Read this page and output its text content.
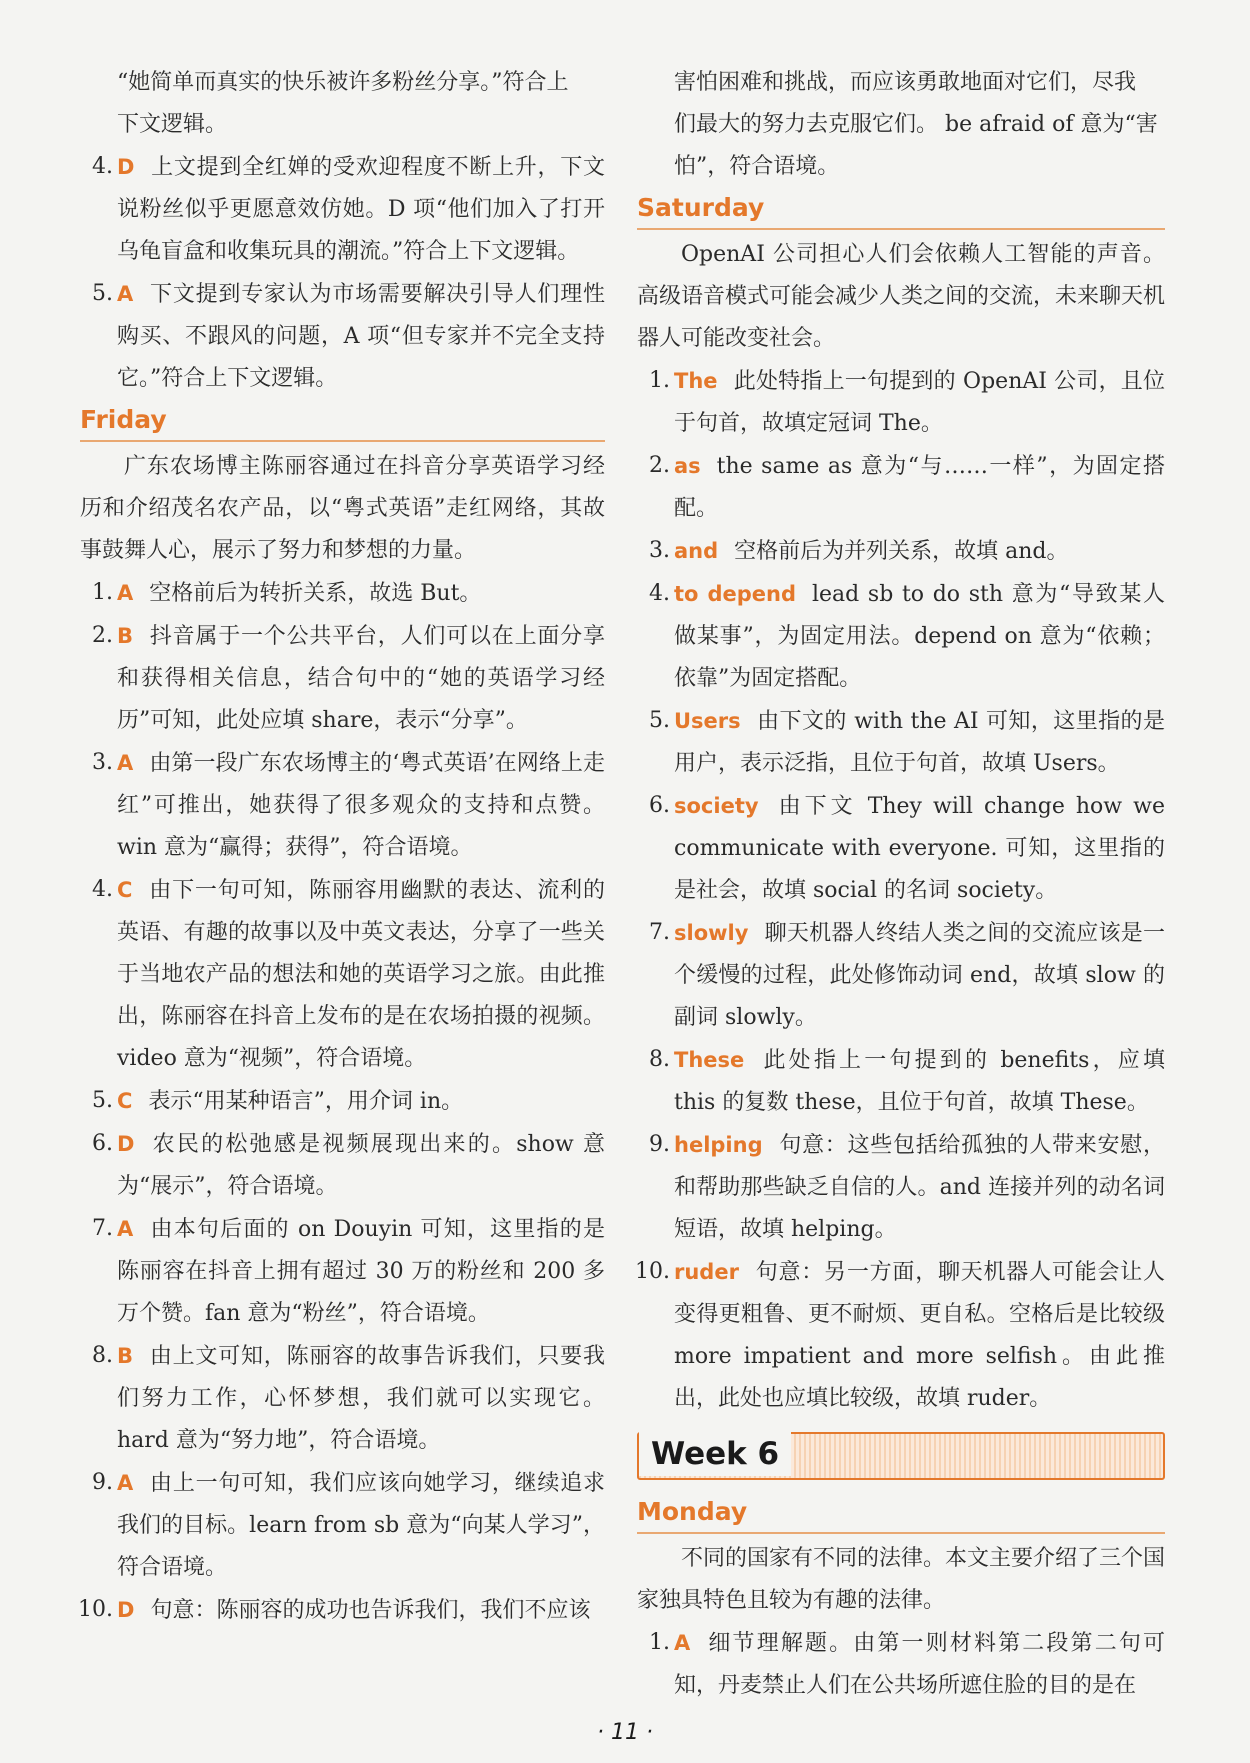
“她简单而真实的快乐被许多粉丝分享。”符合上

下文逻辑。

4. D 上文提到全红婵的受欢迎程度不断上升，下文说粉丝似乎更愿意效仿她。D 项“他们加入了打开乌龟盲盒和收集玩具的潮流。”符合上下文逻辑。
5. A 下文提到专家认为市场需要解决引导人们理性购买、不跟风的问题，A 项“但专家并不完全支持它。”符合上下文逻辑。
Friday

广东农场博主陈丽容通过在抖音分享英语学习经历和介绍茂名农产品，以“粤式英语”走红网络，其故事鼓舞人心，展示了努力和梦想的力量。

1. A 空格前后为转折关系，故选 But。
2. B 抖音属于一个公共平台，人们可以在上面分享和获得相关信息，结合句中的“她的英语学习经历”可知，此处应填 share，表示“分享”。
3. A 由第一段广东农场博主的‘粤式英语’在网络上走红”可推出，她获得了很多观众的支持和点赞。win 意为“赢得；获得”，符合语境。
4. C 由下一句可知，陈丽容用幽默的表达、流利的英语、有趣的故事以及中英文表达，分享了一些关于当地农产品的想法和她的英语学习之旅。由此推出，陈丽容在抖音上发布的是在农场拍摄的视频。video 意为“视频”，符合语境。
5. C 表示“用某种语言”，用介词 in。
6. D 农民的松弛感是视频展现出来的。show 意为“展示”，符合语境。
7. A 由本句后面的 on Douyin 可知，这里指的是陈丽容在抖音上拥有超过 30 万的粉丝和 200 多万个赞。fan 意为“粉丝”，符合语境。
8. B 由上文可知，陈丽容的故事告诉我们，只要我们努力工作，心怀梦想，我们就可以实现它。hard 意为“努力地”，符合语境。
9. A 由上一句可知，我们应该向她学习，继续追求我们的目标。learn from sb 意为“向某人学习”，符合语境。
10. D 句意：陈丽容的成功也告诉我们，我们不应该

害怕困难和挑战，而应该勇敢地面对它们，尽我

们最大的努力去克服它们。 be afraid of 意为“害

怕”，符合语境。

Saturday

OpenAI 公司担心人们会依赖人工智能的声音。高级语音模式可能会减少人类之间的交流，未来聊天机器人可能改变社会。

1. The 此处特指上一句提到的 OpenAI 公司，且位于句首，故填定冠词 The。
2. as the same as 意为“与……一样”，为固定搭配。
3. and 空格前后为并列关系，故填 and。
4. to depend lead sb to do sth 意为“导致某人做某事”，为固定用法。depend on 意为“依赖；依靠”为固定搭配。
5. Users 由下文的 with the AI 可知，这里指的是用户，表示泛指，且位于句首，故填 Users。
6. society 由下文 They will change how we communicate with everyone. 可知，这里指的是社会，故填 social 的名词 society。
7. slowly 聊天机器人终结人类之间的交流应该是一个缓慢的过程，此处修饰动词 end，故填 slow 的副词 slowly。
8. These 此处指上一句提到的 benefits，应填 this 的复数 these，且位于句首，故填 These。
9. helping 句意：这些包括给孤独的人带来安慰，和帮助那些缺乏自信的人。and 连接并列的动名词短语，故填 helping。
10. ruder 句意：另一方面，聊天机器人可能会让人变得更粗鲁、更不耐烦、更自私。空格后是比较级 more impatient and more selfish。由此推出，此处也应填比较级，故填 ruder。
Week 6
Monday

不同的国家有不同的法律。本文主要介绍了三个国家独具特色且较为有趣的法律。

1. A 细节理解题。由第一则材料第二段第二句可知，丹麦禁止人们在公共场所遮住脸的目的是在
· 11 ·
